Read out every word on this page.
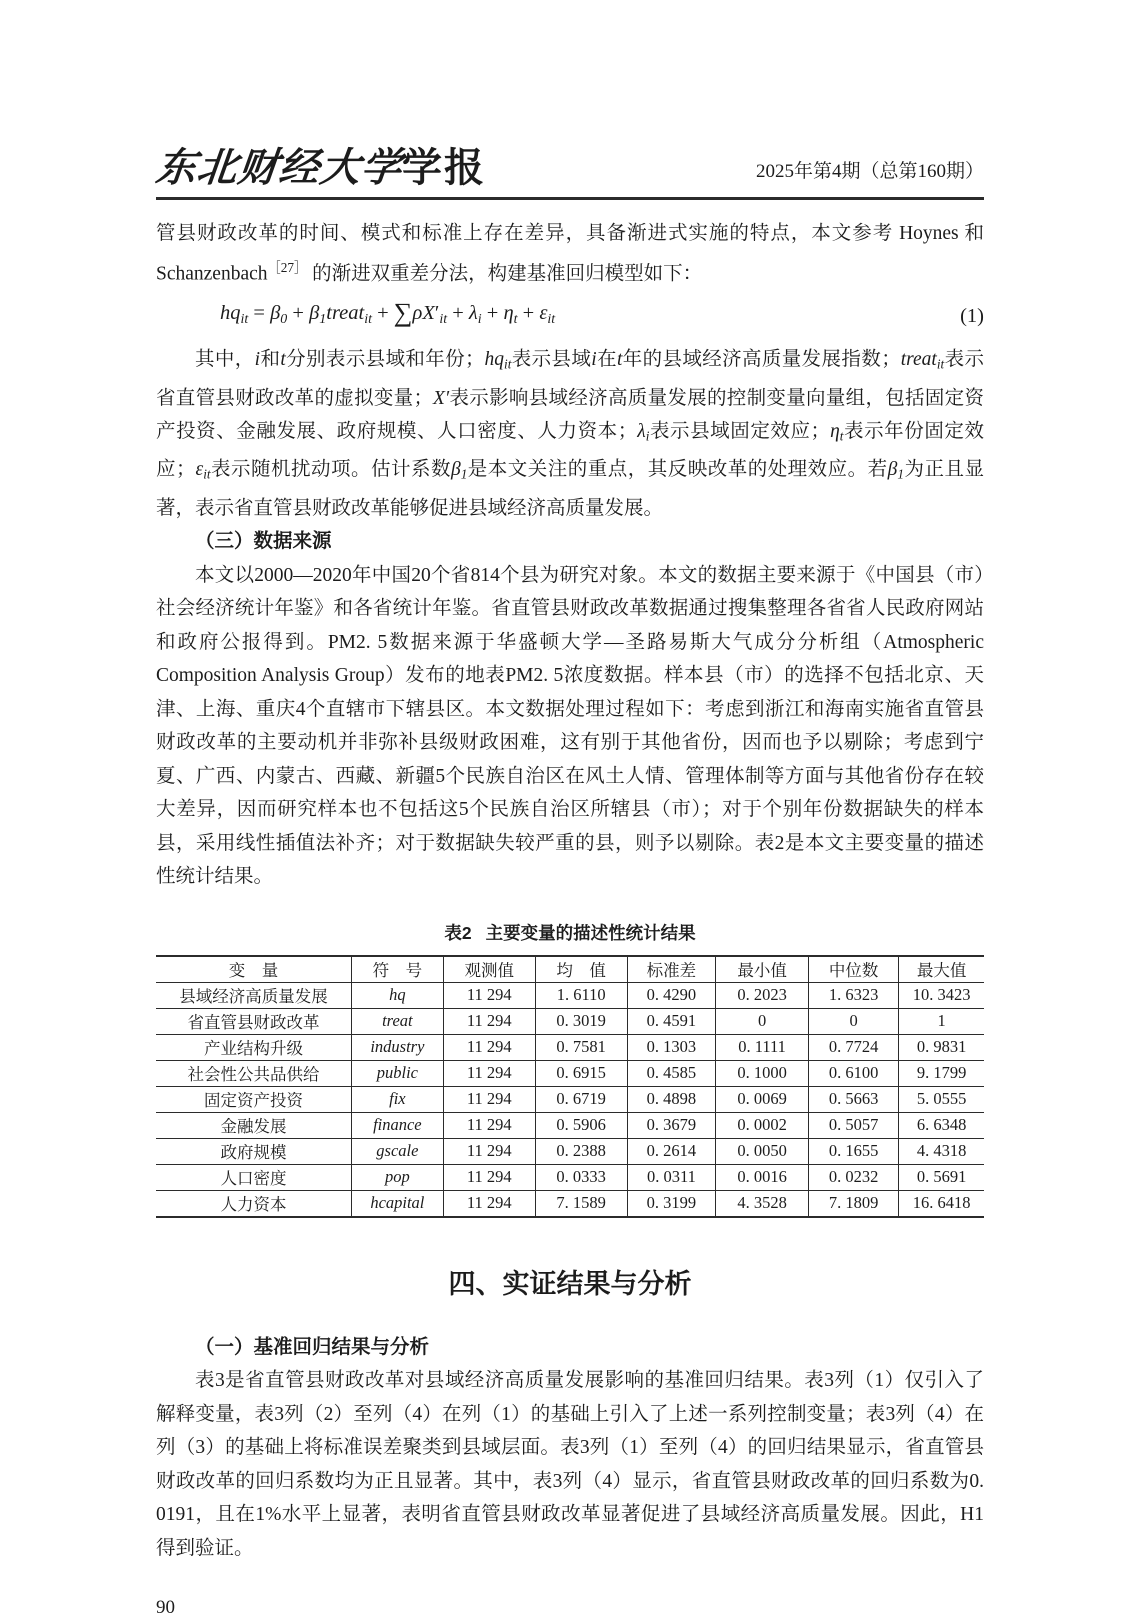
东北财经大学学报	2025年第4期（总第160期）

管县财政改革的时间、模式和标准上存在差异，具备渐进式实施的特点，本文参考 Hoynes 和 Schanzenbach$^{[27]}$ 的渐进双重差分法，构建基准回归模型如下：

hqit = β0 + β1treatit + ∑ρX′it + λi + ηt + εit	(1)

其中，i和t分别表示县域和年份；hqit表示县域i在t年的县域经济高质量发展指数；treatit表示省直管县财政改革的虚拟变量；X′表示影响县域经济高质量发展的控制变量向量组，包括固定资产投资、金融发展、政府规模、人口密度、人力资本；λi表示县域固定效应；ηt表示年份固定效应；εit表示随机扰动项。估计系数β1是本文关注的重点，其反映改革的处理效应。若β1为正且显著，表示省直管县财政改革能够促进县域经济高质量发展。

（三）数据来源

本文以2000—2020年中国20个省814个县为研究对象。本文的数据主要来源于《中国县（市）社会经济统计年鉴》和各省统计年鉴。省直管县财政改革数据通过搜集整理各省省人民政府网站和政府公报得到。PM2. 5数据来源于华盛顿大学—圣路易斯大气成分分析组（Atmospheric Composition Analysis Group）发布的地表PM2. 5浓度数据。样本县（市）的选择不包括北京、天津、上海、重庆4个直辖市下辖县区。本文数据处理过程如下：考虑到浙江和海南实施省直管县财政改革的主要动机并非弥补县级财政困难，这有别于其他省份，因而也予以剔除；考虑到宁夏、广西、内蒙古、西藏、新疆5个民族自治区在风土人情、管理体制等方面与其他省份存在较大差异，因而研究样本也不包括这5个民族自治区所辖县（市）；对于个别年份数据缺失的样本县，采用线性插值法补齐；对于数据缺失较严重的县，则予以剔除。表2是本文主要变量的描述性统计结果。

表2 主要变量的描述性统计结果
变　量	符　号	观测值	均　值	标准差	最小值	中位数	最大值
县域经济高质量发展	hq	11 294	1. 6110	0. 4290	0. 2023	1. 6323	10. 3423
省直管县财政改革	treat	11 294	0. 3019	0. 4591	0	0	1
产业结构升级	industry	11 294	0. 7581	0. 1303	0. 1111	0. 7724	0. 9831
社会性公共品供给	public	11 294	0. 6915	0. 4585	0. 1000	0. 6100	9. 1799
固定资产投资	fix	11 294	0. 6719	0. 4898	0. 0069	0. 5663	5. 0555
金融发展	finance	11 294	0. 5906	0. 3679	0. 0002	0. 5057	6. 6348
政府规模	gscale	11 294	0. 2388	0. 2614	0. 0050	0. 1655	4. 4318
人口密度	pop	11 294	0. 0333	0. 0311	0. 0016	0. 0232	0. 5691
人力资本	hcapital	11 294	7. 1589	0. 3199	4. 3528	7. 1809	16. 6418
四、实证结果与分析
（一）基准回归结果与分析

表3是省直管县财政改革对县域经济高质量发展影响的基准回归结果。表3列（1）仅引入了解释变量，表3列（2）至列（4）在列（1）的基础上引入了上述一系列控制变量；表3列（4）在列（3）的基础上将标准误差聚类到县域层面。表3列（1）至列（4）的回归结果显示，省直管县财政改革的回归系数均为正且显著。其中，表3列（4）显示，省直管县财政改革的回归系数为0. 0191，且在1%水平上显著，表明省直管县财政改革显著促进了县域经济高质量发展。因此，H1得到验证。

90
